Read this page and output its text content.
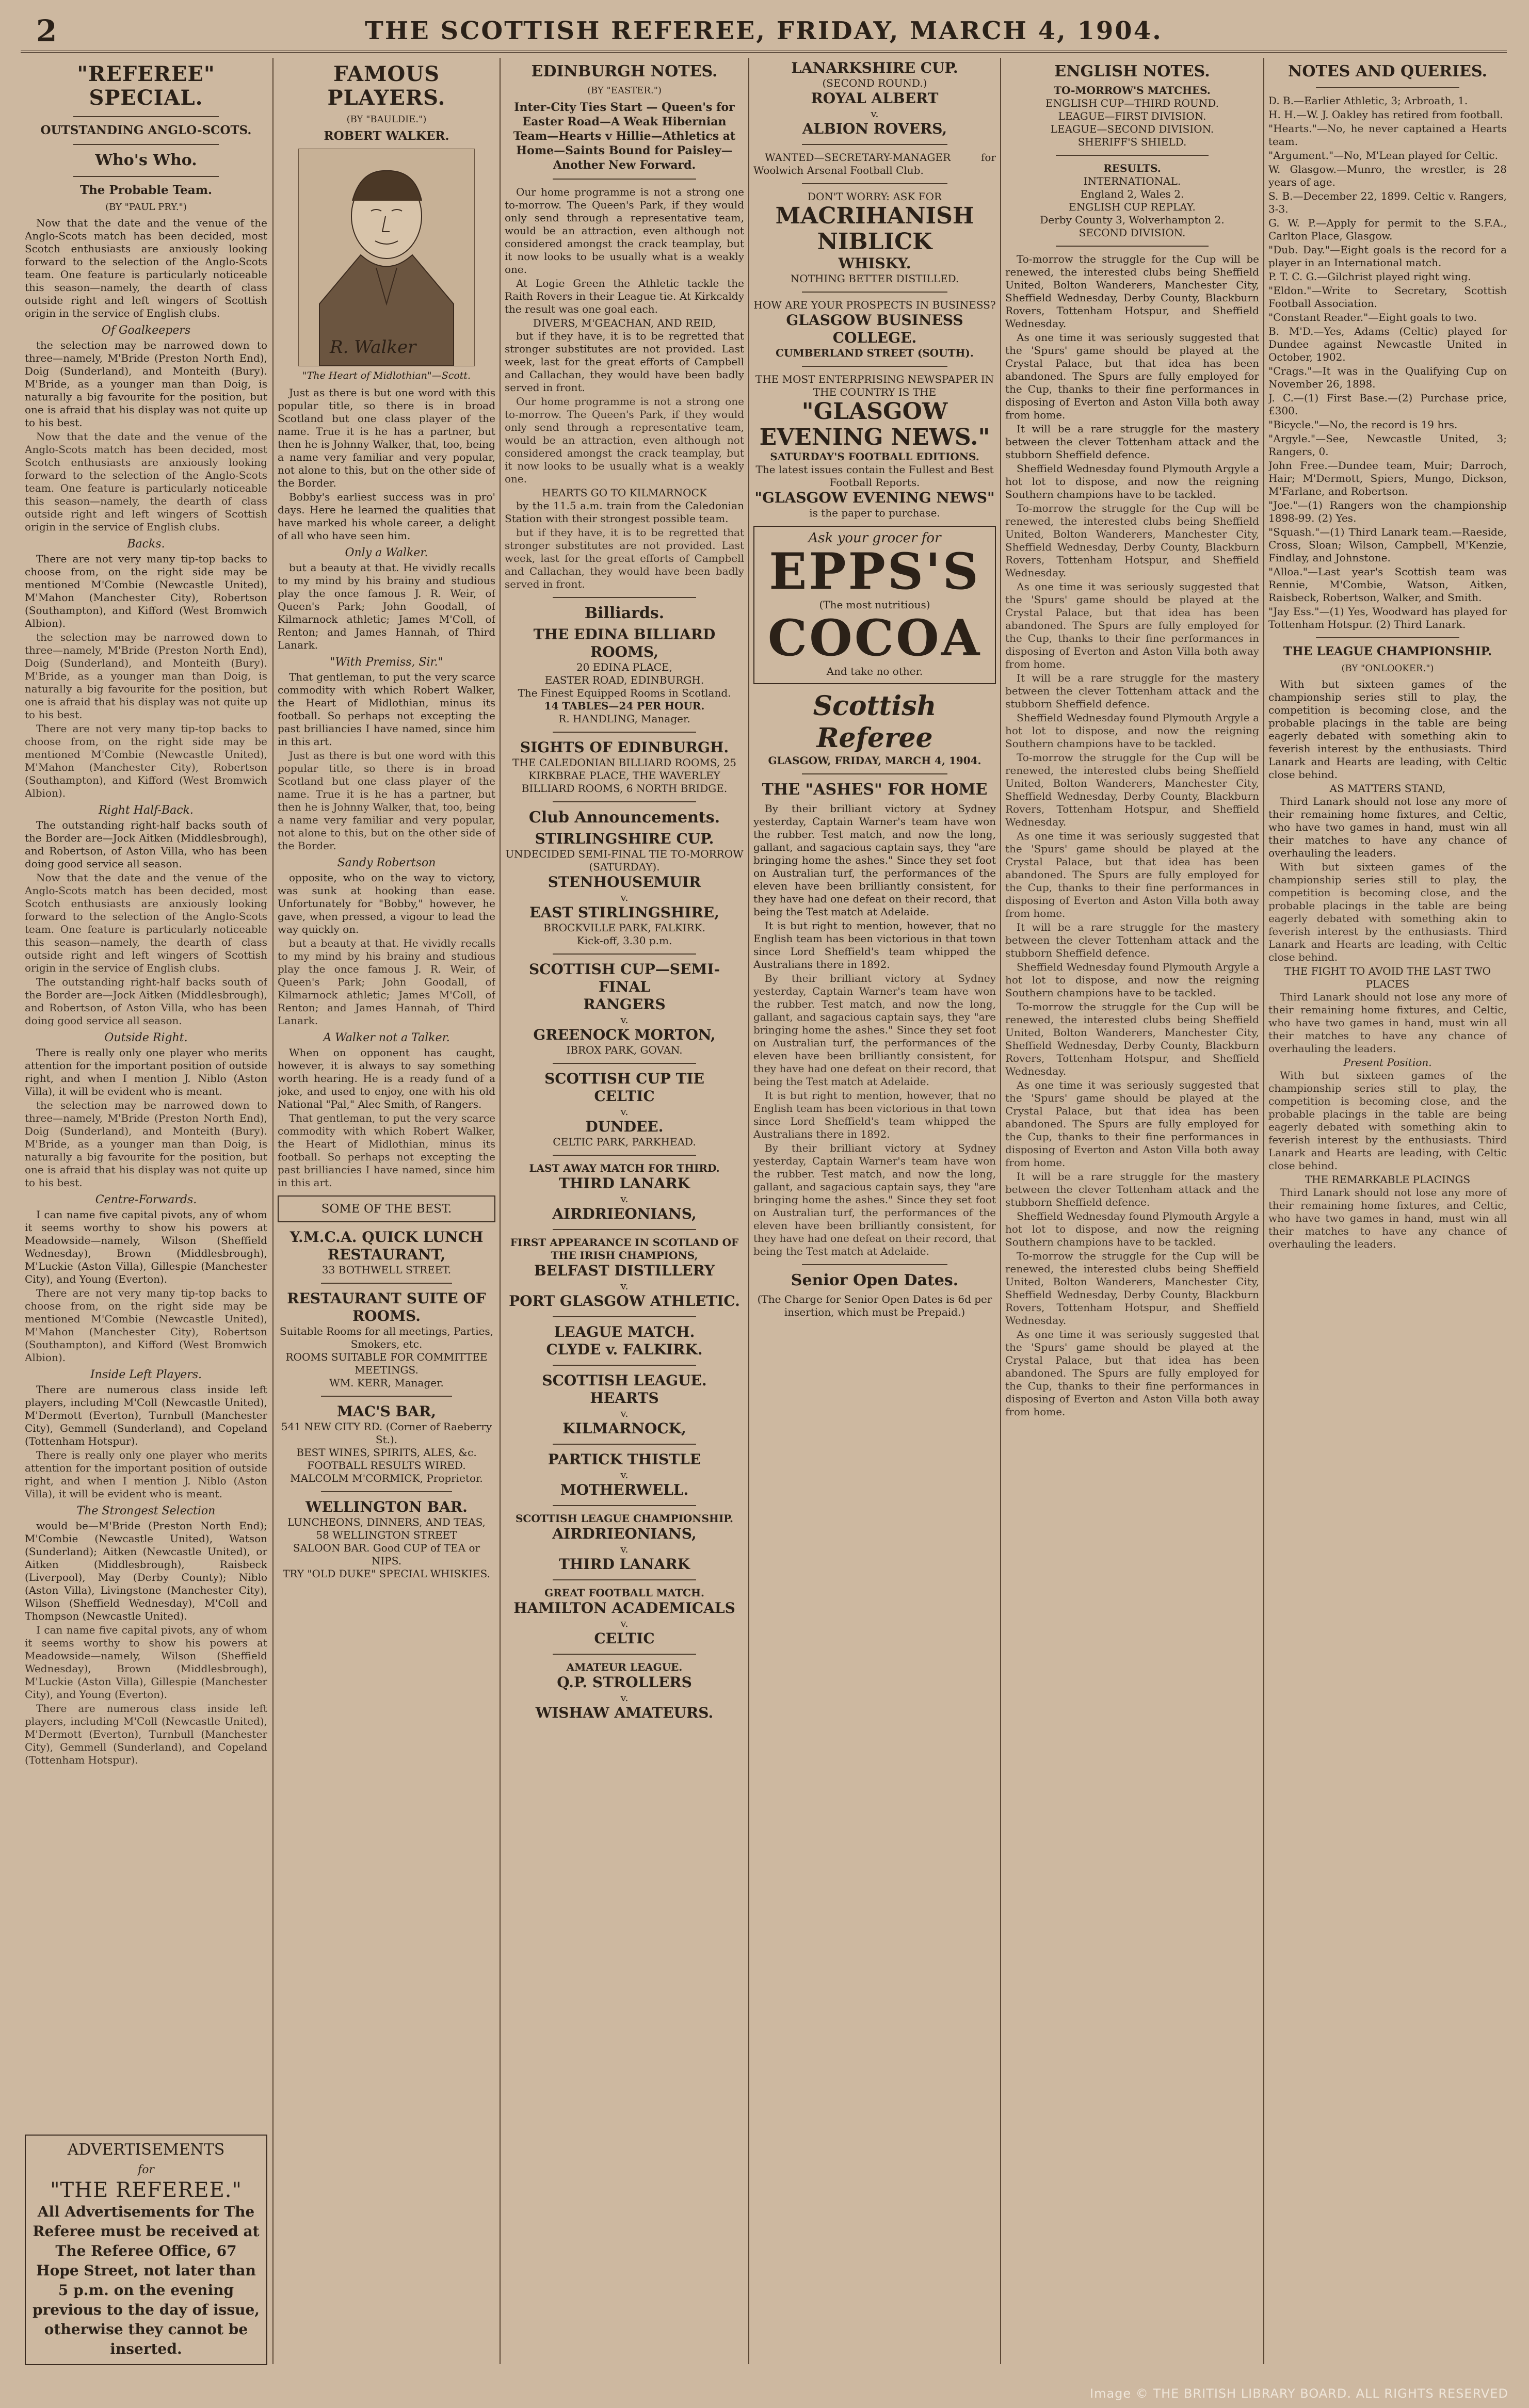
2	THE SCOTTISH REFEREE, FRIDAY, MARCH 4, 1904.
"REFEREE" SPECIAL.
OUTSTANDING ANGLO-SCOTS.
Who's Who.
The Probable Team.
(BY "PAUL PRY.")

Now that the date and the venue of the Anglo-Scots match has been decided, most Scotch enthusiasts are anxiously looking forward to the selection of the Anglo-Scots team. One feature is particularly noticeable this season—namely, the dearth of class outside right and left wingers of Scottish origin in the service of English clubs.

Of Goalkeepers

the selection may be narrowed down to three—namely, M'Bride (Preston North End), Doig (Sunderland), and Monteith (Bury). M'Bride, as a younger man than Doig, is naturally a big favourite for the position, but one is afraid that his display was not quite up to his best.

Now that the date and the venue of the Anglo-Scots match has been decided, most Scotch enthusiasts are anxiously looking forward to the selection of the Anglo-Scots team. One feature is particularly noticeable this season—namely, the dearth of class outside right and left wingers of Scottish origin in the service of English clubs.

Backs.

There are not very many tip-top backs to choose from, on the right side may be mentioned M'Combie (Newcastle United), M'Mahon (Manchester City), Robertson (Southampton), and Kifford (West Bromwich Albion).

the selection may be narrowed down to three—namely, M'Bride (Preston North End), Doig (Sunderland), and Monteith (Bury). M'Bride, as a younger man than Doig, is naturally a big favourite for the position, but one is afraid that his display was not quite up to his best.

There are not very many tip-top backs to choose from, on the right side may be mentioned M'Combie (Newcastle United), M'Mahon (Manchester City), Robertson (Southampton), and Kifford (West Bromwich Albion).

Right Half-Back.

The outstanding right-half backs south of the Border are—Jock Aitken (Middlesbrough), and Robertson, of Aston Villa, who has been doing good service all season.

Now that the date and the venue of the Anglo-Scots match has been decided, most Scotch enthusiasts are anxiously looking forward to the selection of the Anglo-Scots team. One feature is particularly noticeable this season—namely, the dearth of class outside right and left wingers of Scottish origin in the service of English clubs.

The outstanding right-half backs south of the Border are—Jock Aitken (Middlesbrough), and Robertson, of Aston Villa, who has been doing good service all season.

Outside Right.

There is really only one player who merits attention for the important position of outside right, and when I mention J. Niblo (Aston Villa), it will be evident who is meant.

the selection may be narrowed down to three—namely, M'Bride (Preston North End), Doig (Sunderland), and Monteith (Bury). M'Bride, as a younger man than Doig, is naturally a big favourite for the position, but one is afraid that his display was not quite up to his best.

Centre-Forwards.

I can name five capital pivots, any of whom it seems worthy to show his powers at Meadowside—namely, Wilson (Sheffield Wednesday), Brown (Middlesbrough), M'Luckie (Aston Villa), Gillespie (Manchester City), and Young (Everton).

There are not very many tip-top backs to choose from, on the right side may be mentioned M'Combie (Newcastle United), M'Mahon (Manchester City), Robertson (Southampton), and Kifford (West Bromwich Albion).

Inside Left Players.

There are numerous class inside left players, including M'Coll (Newcastle United), M'Dermott (Everton), Turnbull (Manchester City), Gemmell (Sunderland), and Copeland (Tottenham Hotspur).

There is really only one player who merits attention for the important position of outside right, and when I mention J. Niblo (Aston Villa), it will be evident who is meant.

The Strongest Selection

would be—M'Bride (Preston North End); M'Combie (Newcastle United), Watson (Sunderland); Aitken (Newcastle United), or Aitken (Middlesbrough), Raisbeck (Liverpool), May (Derby County); Niblo (Aston Villa), Livingstone (Manchester City), Wilson (Sheffield Wednesday), M'Coll and Thompson (Newcastle United).

I can name five capital pivots, any of whom it seems worthy to show his powers at Meadowside—namely, Wilson (Sheffield Wednesday), Brown (Middlesbrough), M'Luckie (Aston Villa), Gillespie (Manchester City), and Young (Everton).

There are numerous class inside left players, including M'Coll (Newcastle United), M'Dermott (Everton), Turnbull (Manchester City), Gemmell (Sunderland), and Copeland (Tottenham Hotspur).

ADVERTISEMENTS
for
"THE REFEREE."
All Advertisements for The Referee must be received at The Referee Office, 67 Hope Street, not later than 5 p.m. on the evening previous to the day of issue, otherwise they cannot be inserted.
FAMOUS PLAYERS.
(BY "BAULDIE.")
ROBERT WALKER.
R. Walker
"The Heart of Midlothian"—Scott.

Just as there is but one word with this popular title, so there is in broad Scotland but one class player of the name. True it is he has a partner, but then he is Johnny Walker, that, too, being a name very familiar and very popular, not alone to this, but on the other side of the Border.

Bobby's earliest success was in pro' days. Here he learned the qualities that have marked his whole career, a delight of all who have seen him.

Only a Walker.

but a beauty at that. He vividly recalls to my mind by his brainy and studious play the once famous J. R. Weir, of Queen's Park; John Goodall, of Kilmarnock athletic; James M'Coll, of Renton; and James Hannah, of Third Lanark.

"With Premiss, Sir."

That gentleman, to put the very scarce commodity with which Robert Walker, the Heart of Midlothian, minus its football. So perhaps not excepting the past brilliancies I have named, since him in this art.

Just as there is but one word with this popular title, so there is in broad Scotland but one class player of the name. True it is he has a partner, but then he is Johnny Walker, that, too, being a name very familiar and very popular, not alone to this, but on the other side of the Border.

Sandy Robertson

opposite, who on the way to victory, was sunk at hooking than ease. Unfortunately for "Bobby," however, he gave, when pressed, a vigour to lead the way quickly on.

but a beauty at that. He vividly recalls to my mind by his brainy and studious play the once famous J. R. Weir, of Queen's Park; John Goodall, of Kilmarnock athletic; James M'Coll, of Renton; and James Hannah, of Third Lanark.

A Walker not a Talker.

When on opponent has caught, however, it is always to say something worth hearing. He is a ready fund of a joke, and used to enjoy, one with his old National "Pal," Alec Smith, of Rangers.

That gentleman, to put the very scarce commodity with which Robert Walker, the Heart of Midlothian, minus its football. So perhaps not excepting the past brilliancies I have named, since him in this art.

SOME OF THE BEST.
Y.M.C.A. QUICK LUNCH RESTAURANT,
33 BOTHWELL STREET.
RESTAURANT SUITE OF ROOMS.
Suitable Rooms for all meetings, Parties, Smokers, etc.
ROOMS SUITABLE FOR COMMITTEE MEETINGS.
WM. KERR, Manager.
MAC'S BAR,
541 NEW CITY RD. (Corner of Raeberry St.).
BEST WINES, SPIRITS, ALES, &c.
FOOTBALL RESULTS WIRED.
MALCOLM M'CORMICK, Proprietor.
WELLINGTON BAR.
LUNCHEONS, DINNERS, AND TEAS,
58 WELLINGTON STREET
SALOON BAR. Good CUP of TEA or NIPS.
TRY "OLD DUKE" SPECIAL WHISKIES.
EDINBURGH NOTES.
(BY "EASTER.")
Inter-City Ties Start — Queen's for Easter Road—A Weak Hibernian Team—Hearts v Hillie—Athletics at Home—Saints Bound for Paisley—Another New Forward.

Our home programme is not a strong one to-morrow. The Queen's Park, if they would only send through a representative team, would be an attraction, even although not considered amongst the crack teamplay, but it now looks to be usually what is a weakly one.

At Logie Green the Athletic tackle the Raith Rovers in their League tie. At Kirkcaldy the result was one goal each.

DIVERS, M'GEACHAN, AND REID,

but if they have, it is to be regretted that stronger substitutes are not provided. Last week, last for the great efforts of Campbell and Callachan, they would have been badly served in front.

Our home programme is not a strong one to-morrow. The Queen's Park, if they would only send through a representative team, would be an attraction, even although not considered amongst the crack teamplay, but it now looks to be usually what is a weakly one.

HEARTS GO TO KILMARNOCK

by the 11.5 a.m. train from the Caledonian Station with their strongest possible team.

but if they have, it is to be regretted that stronger substitutes are not provided. Last week, last for the great efforts of Campbell and Callachan, they would have been badly served in front.

Billiards.
THE EDINA BILLIARD ROOMS,
20 EDINA PLACE,
EASTER ROAD, EDINBURGH.
The Finest Equipped Rooms in Scotland.
14 TABLES—24 PER HOUR.
R. HANDLING, Manager.
SIGHTS OF EDINBURGH.
THE CALEDONIAN BILLIARD ROOMS, 25 KIRKBRAE PLACE, THE WAVERLEY BILLIARD ROOMS, 6 NORTH BRIDGE.
Club Announcements.
STIRLINGSHIRE CUP.
UNDECIDED SEMI-FINAL TIE TO-MORROW (SATURDAY).
STENHOUSEMUIR
v.
EAST STIRLINGSHIRE,
BROCKVILLE PARK, FALKIRK.
Kick-off, 3.30 p.m.
SCOTTISH CUP—SEMI-FINAL
RANGERS
v.
GREENOCK MORTON,
IBROX PARK, GOVAN.
SCOTTISH CUP TIE
CELTIC
v.
DUNDEE.
CELTIC PARK, PARKHEAD.
LAST AWAY MATCH FOR THIRD.
THIRD LANARK
v.
AIRDRIEONIANS,
FIRST APPEARANCE IN SCOTLAND OF THE IRISH CHAMPIONS,
BELFAST DISTILLERY
v.
PORT GLASGOW ATHLETIC.
LEAGUE MATCH.
CLYDE v. FALKIRK.
SCOTTISH LEAGUE.
HEARTS
v.
KILMARNOCK,
PARTICK THISTLE
v.
MOTHERWELL.
SCOTTISH LEAGUE CHAMPIONSHIP.
AIRDRIEONIANS,
v.
THIRD LANARK
GREAT FOOTBALL MATCH.
HAMILTON ACADEMICALS
v.
CELTIC
AMATEUR LEAGUE.
Q.P. STROLLERS
v.
WISHAW AMATEURS.
LANARKSHIRE CUP.
(SECOND ROUND.)
ROYAL ALBERT
v.
ALBION ROVERS,

WANTED—SECRETARY-MANAGER for Woolwich Arsenal Football Club.

DON'T WORRY: ASK FOR
MACRIHANISH
NIBLICK
WHISKY.
NOTHING BETTER DISTILLED.
HOW ARE YOUR PROSPECTS IN BUSINESS?
GLASGOW BUSINESS COLLEGE.
CUMBERLAND STREET (SOUTH).
THE MOST ENTERPRISING NEWSPAPER IN THE COUNTRY IS THE
"GLASGOW EVENING NEWS."
SATURDAY'S FOOTBALL EDITIONS.
The latest issues contain the Fullest and Best Football Reports.
"GLASGOW EVENING NEWS"
is the paper to purchase.
Ask your grocer for
EPPS'S
(The most nutritious)
COCOA
And take no other.
Scottish Referee
GLASGOW, FRIDAY, MARCH 4, 1904.
THE "ASHES" FOR HOME

By their brilliant victory at Sydney yesterday, Captain Warner's team have won the rubber. Test match, and now the long, gallant, and sagacious captain says, they "are bringing home the ashes." Since they set foot on Australian turf, the performances of the eleven have been brilliantly consistent, for they have had one defeat on their record, that being the Test match at Adelaide.

It is but right to mention, however, that no English team has been victorious in that town since Lord Sheffield's team whipped the Australians there in 1892.

By their brilliant victory at Sydney yesterday, Captain Warner's team have won the rubber. Test match, and now the long, gallant, and sagacious captain says, they "are bringing home the ashes." Since they set foot on Australian turf, the performances of the eleven have been brilliantly consistent, for they have had one defeat on their record, that being the Test match at Adelaide.

It is but right to mention, however, that no English team has been victorious in that town since Lord Sheffield's team whipped the Australians there in 1892.

By their brilliant victory at Sydney yesterday, Captain Warner's team have won the rubber. Test match, and now the long, gallant, and sagacious captain says, they "are bringing home the ashes." Since they set foot on Australian turf, the performances of the eleven have been brilliantly consistent, for they have had one defeat on their record, that being the Test match at Adelaide.

Senior Open Dates.
(The Charge for Senior Open Dates is 6d per insertion, which must be Prepaid.)
ENGLISH NOTES.
TO-MORROW'S MATCHES.
ENGLISH CUP—THIRD ROUND.
LEAGUE—FIRST DIVISION.
LEAGUE—SECOND DIVISION.
SHERIFF'S SHIELD.
RESULTS.
INTERNATIONAL.
England 2, Wales 2.
ENGLISH CUP REPLAY.
Derby County 3, Wolverhampton 2.
SECOND DIVISION.

To-morrow the struggle for the Cup will be renewed, the interested clubs being Sheffield United, Bolton Wanderers, Manchester City, Sheffield Wednesday, Derby County, Blackburn Rovers, Tottenham Hotspur, and Sheffield Wednesday.

As one time it was seriously suggested that the 'Spurs' game should be played at the Crystal Palace, but that idea has been abandoned. The Spurs are fully employed for the Cup, thanks to their fine performances in disposing of Everton and Aston Villa both away from home.

It will be a rare struggle for the mastery between the clever Tottenham attack and the stubborn Sheffield defence.

Sheffield Wednesday found Plymouth Argyle a hot lot to dispose, and now the reigning Southern champions have to be tackled.

To-morrow the struggle for the Cup will be renewed, the interested clubs being Sheffield United, Bolton Wanderers, Manchester City, Sheffield Wednesday, Derby County, Blackburn Rovers, Tottenham Hotspur, and Sheffield Wednesday.

As one time it was seriously suggested that the 'Spurs' game should be played at the Crystal Palace, but that idea has been abandoned. The Spurs are fully employed for the Cup, thanks to their fine performances in disposing of Everton and Aston Villa both away from home.

It will be a rare struggle for the mastery between the clever Tottenham attack and the stubborn Sheffield defence.

Sheffield Wednesday found Plymouth Argyle a hot lot to dispose, and now the reigning Southern champions have to be tackled.

To-morrow the struggle for the Cup will be renewed, the interested clubs being Sheffield United, Bolton Wanderers, Manchester City, Sheffield Wednesday, Derby County, Blackburn Rovers, Tottenham Hotspur, and Sheffield Wednesday.

As one time it was seriously suggested that the 'Spurs' game should be played at the Crystal Palace, but that idea has been abandoned. The Spurs are fully employed for the Cup, thanks to their fine performances in disposing of Everton and Aston Villa both away from home.

It will be a rare struggle for the mastery between the clever Tottenham attack and the stubborn Sheffield defence.

Sheffield Wednesday found Plymouth Argyle a hot lot to dispose, and now the reigning Southern champions have to be tackled.

To-morrow the struggle for the Cup will be renewed, the interested clubs being Sheffield United, Bolton Wanderers, Manchester City, Sheffield Wednesday, Derby County, Blackburn Rovers, Tottenham Hotspur, and Sheffield Wednesday.

As one time it was seriously suggested that the 'Spurs' game should be played at the Crystal Palace, but that idea has been abandoned. The Spurs are fully employed for the Cup, thanks to their fine performances in disposing of Everton and Aston Villa both away from home.

It will be a rare struggle for the mastery between the clever Tottenham attack and the stubborn Sheffield defence.

Sheffield Wednesday found Plymouth Argyle a hot lot to dispose, and now the reigning Southern champions have to be tackled.

To-morrow the struggle for the Cup will be renewed, the interested clubs being Sheffield United, Bolton Wanderers, Manchester City, Sheffield Wednesday, Derby County, Blackburn Rovers, Tottenham Hotspur, and Sheffield Wednesday.

As one time it was seriously suggested that the 'Spurs' game should be played at the Crystal Palace, but that idea has been abandoned. The Spurs are fully employed for the Cup, thanks to their fine performances in disposing of Everton and Aston Villa both away from home.

NOTES AND QUERIES.

D. B.—Earlier Athletic, 3; Arbroath, 1.

H. H.—W. J. Oakley has retired from football.

"Hearts."—No, he never captained a Hearts team.

"Argument."—No, M'Lean played for Celtic.

W. Glasgow.—Munro, the wrestler, is 28 years of age.

S. B.—December 22, 1899. Celtic v. Rangers, 3-3.

G. W. P.—Apply for permit to the S.F.A., Carlton Place, Glasgow.

"Dub. Day."—Eight goals is the record for a player in an International match.

P. T. C. G.—Gilchrist played right wing.

"Eldon."—Write to Secretary, Scottish Football Association.

"Constant Reader."—Eight goals to two.

B. M'D.—Yes, Adams (Celtic) played for Dundee against Newcastle United in October, 1902.

"Crags."—It was in the Qualifying Cup on November 26, 1898.

J. C.—(1) First Base.—(2) Purchase price, £300.

"Bicycle."—No, the record is 19 hrs.

"Argyle."—See, Newcastle United, 3; Rangers, 0.

John Free.—Dundee team, Muir; Darroch, Hair; M'Dermott, Spiers, Mungo, Dickson, M'Farlane, and Robertson.

"Joe."—(1) Rangers won the championship 1898-99. (2) Yes.

"Squash."—(1) Third Lanark team.—Raeside, Cross, Sloan; Wilson, Campbell, M'Kenzie, Findlay, and Johnstone.

"Alloa."—Last year's Scottish team was Rennie, M'Combie, Watson, Aitken, Raisbeck, Robertson, Walker, and Smith.

"Jay Ess."—(1) Yes, Woodward has played for Tottenham Hotspur. (2) Third Lanark.

THE LEAGUE CHAMPIONSHIP.
(BY "ONLOOKER.")

With but sixteen games of the championship series still to play, the competition is becoming close, and the probable placings in the table are being eagerly debated with something akin to feverish interest by the enthusiasts. Third Lanark and Hearts are leading, with Celtic close behind.

AS MATTERS STAND,

Third Lanark should not lose any more of their remaining home fixtures, and Celtic, who have two games in hand, must win all their matches to have any chance of overhauling the leaders.

With but sixteen games of the championship series still to play, the competition is becoming close, and the probable placings in the table are being eagerly debated with something akin to feverish interest by the enthusiasts. Third Lanark and Hearts are leading, with Celtic close behind.

THE FIGHT TO AVOID THE LAST TWO PLACES

Third Lanark should not lose any more of their remaining home fixtures, and Celtic, who have two games in hand, must win all their matches to have any chance of overhauling the leaders.

Present Position.

With but sixteen games of the championship series still to play, the competition is becoming close, and the probable placings in the table are being eagerly debated with something akin to feverish interest by the enthusiasts. Third Lanark and Hearts are leading, with Celtic close behind.

THE REMARKABLE PLACINGS

Third Lanark should not lose any more of their remaining home fixtures, and Celtic, who have two games in hand, must win all their matches to have any chance of overhauling the leaders.

Image © THE BRITISH LIBRARY BOARD. ALL RIGHTS RESERVED
